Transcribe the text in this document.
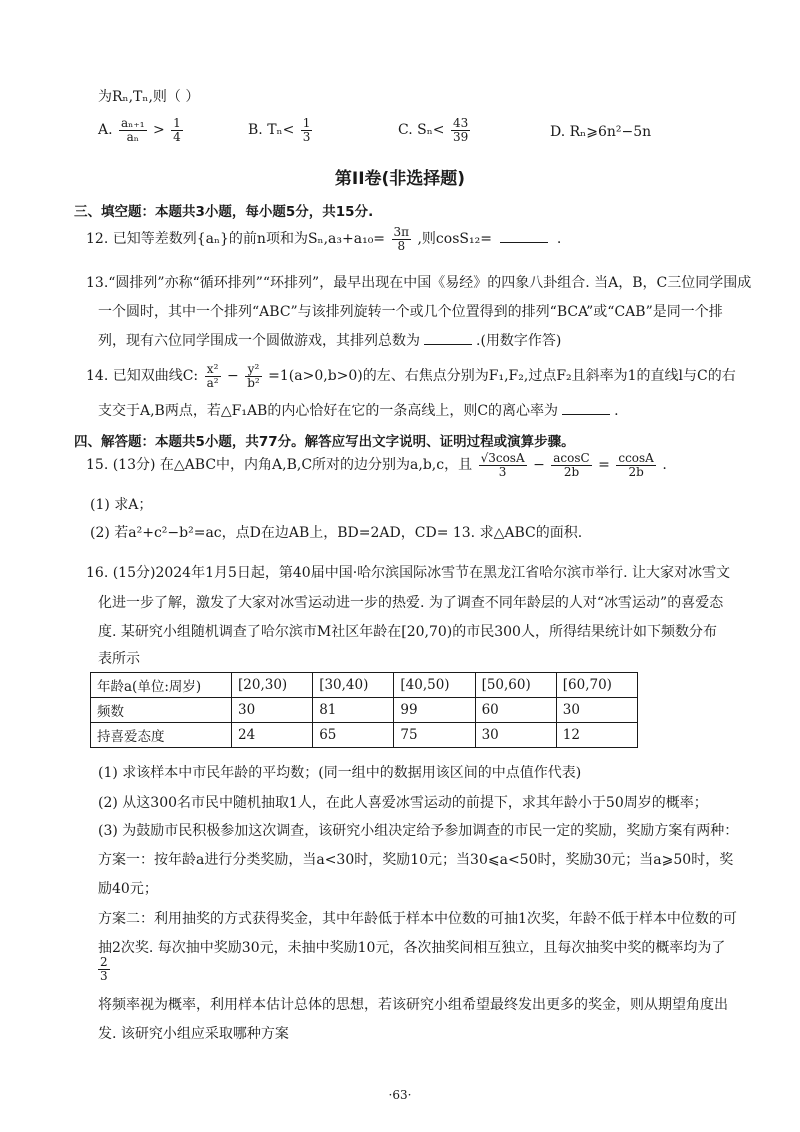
为Rₙ,Tₙ,则（ ）
A. $\frac{\text{aₙ₊₁}}{\text{aₙ}} > \frac{1}{4}$	B. $T_n< \frac{1}{3}$	C. $S_n< \frac{43}{39}$	D. Rₙ⩾6n²−5n
第II卷(非选择题)
三、填空题：本题共3小题，每小题5分，共15分.
12. 已知等差数列{aₙ}的前n项和为$S_n,a_3+a_{10}= \frac{3\pi}{8}$ ,则cosS₁₂=	.
13.“圆排列”亦称“循环排列”“环排列”，最早出现在中国《易经》的四象八卦组合. 当A，B，C三位同学围成
一个圆时，其中一个排列“ABC”与该排列旋转一个或几个位置得到的排列“BCA”或“CAB”是同一个排
列，现有六位同学围成一个圆做游戏，其排列总数为	.(用数字作答)
14. 已知双曲线C: $\frac{\text{x²}}{\text{a²}} - \frac{\text{y²}}{\text{b²}} =1(a>0,b>0)$的左、右焦点分别为F₁,F₂,过点F₂且斜率为1的直线l与C的右
支交于A,B两点，若△F₁AB的内心恰好在它的一条高线上，则C的离心率为	.
四、解答题：本题共5小题，共77分。解答应写出文字说明、证明过程或演算步骤。
15. (13分) 在△ABC中，内角A,B,C所对的边分别为a,b,c，且 $\frac{√3\cos A}{3} - \frac{acosC}{2b} = \frac{ccosA}{2b}$ .
(1) 求A；
(2) 若a²+c²−b²=ac，点D在边AB上，BD=2AD，CD= 13. 求△ABC的面积.
16. (15分)2024年1月5日起，第40届中国·哈尔滨国际冰雪节在黑龙江省哈尔滨市举行. 让大家对冰雪文
化进一步了解，激发了大家对冰雪运动进一步的热爱. 为了调查不同年龄层的人对“冰雪运动”的喜爱态
度. 某研究小组随机调查了哈尔滨市M社区年龄在[20,70)的市民300人，所得结果统计如下频数分布
表所示
年龄a(单位:周岁)	[20,30)	[30,40)	[40,50)	[50,60)	[60,70)
频数	30	81	99	60	30
持喜爱态度	24	65	75	30	12
(1) 求该样本中市民年龄的平均数；(同一组中的数据用该区间的中点值作代表)
(2) 从这300名市民中随机抽取1人，在此人喜爱冰雪运动的前提下，求其年龄小于50周岁的概率；
(3) 为鼓励市民积极参加这次调查，该研究小组决定给予参加调查的市民一定的奖励，奖励方案有两种：
方案一：按年龄a进行分类奖励，当a<30时，奖励10元；当30⩽a<50时，奖励30元；当a⩾50时，奖
励40元；
方案二：利用抽奖的方式获得奖金，其中年龄低于样本中位数的可抽1次奖，年龄不低于样本中位数的可
抽2次奖. 每次抽中奖励30元，未抽中奖励10元，各次抽奖间相互独立，且每次抽奖中奖的概率均为了
$\frac{2}{3}$
将频率视为概率，利用样本估计总体的思想，若该研究小组希望最终发出更多的奖金，则从期望角度出
发. 该研究小组应采取哪种方案
·63·
